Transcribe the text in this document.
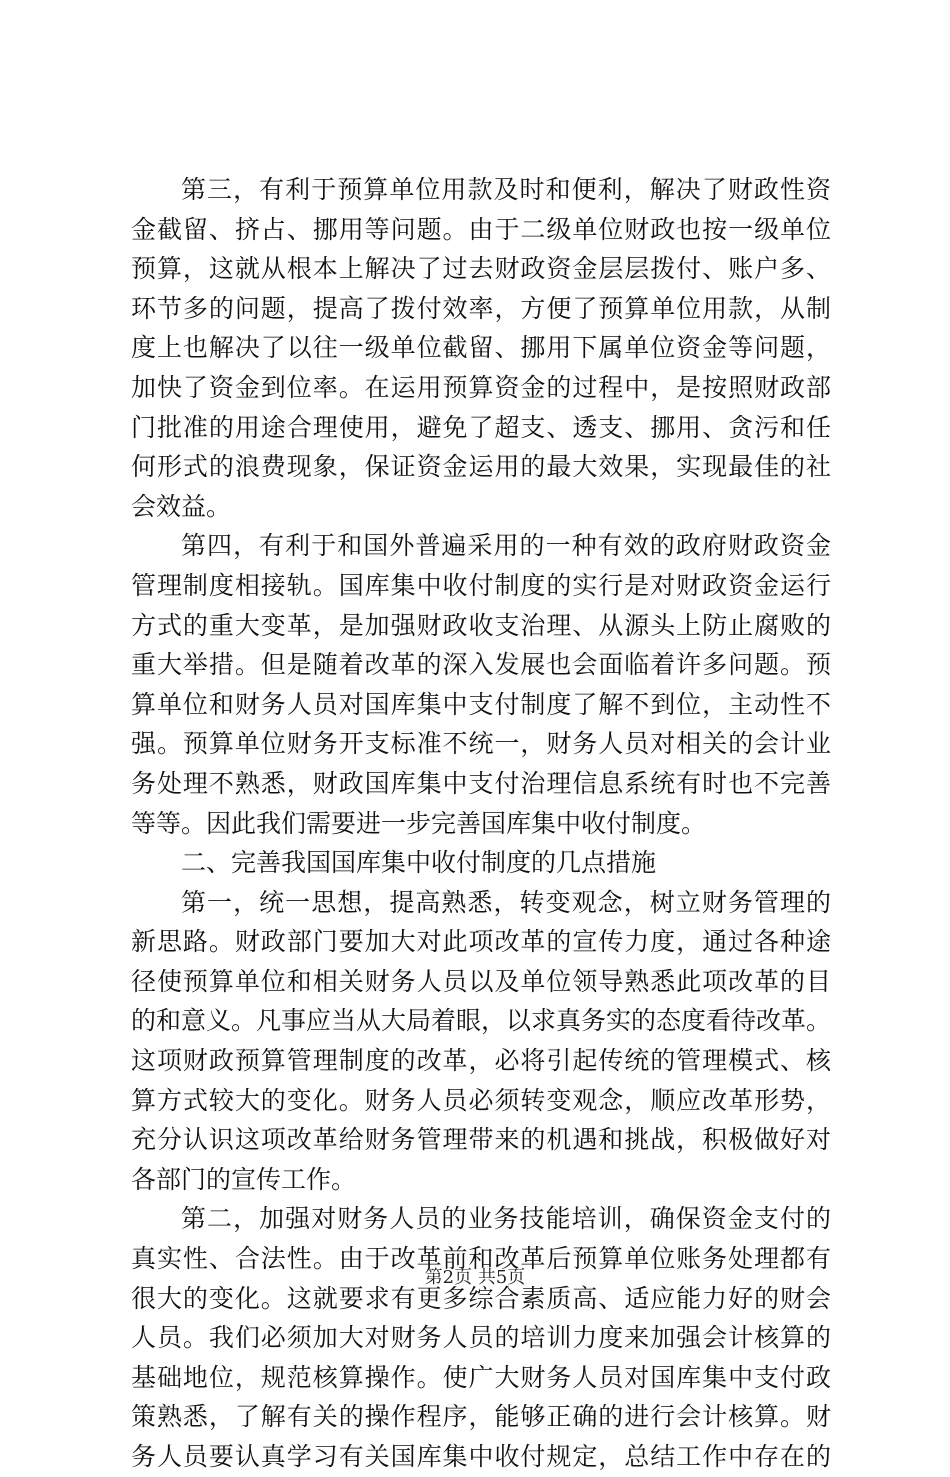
第三，有利于预算单位用款及时和便利，解决了财政性资
金截留、挤占、挪用等问题。由于二级单位财政也按一级单位
预算，这就从根本上解决了过去财政资金层层拨付、账户多、
环节多的问题，提高了拨付效率，方便了预算单位用款，从制
度上也解决了以往一级单位截留、挪用下属单位资金等问题，
加快了资金到位率。在运用预算资金的过程中，是按照财政部
门批准的用途合理使用，避免了超支、透支、挪用、贪污和任
何形式的浪费现象，保证资金运用的最大效果，实现最佳的社
会效益。
第四，有利于和国外普遍采用的一种有效的政府财政资金
管理制度相接轨。国库集中收付制度的实行是对财政资金运行
方式的重大变革，是加强财政收支治理、从源头上防止腐败的
重大举措。但是随着改革的深入发展也会面临着许多问题。预
算单位和财务人员对国库集中支付制度了解不到位，主动性不
强。预算单位财务开支标准不统一，财务人员对相关的会计业
务处理不熟悉，财政国库集中支付治理信息系统有时也不完善
等等。因此我们需要进一步完善国库集中收付制度。
二、完善我国国库集中收付制度的几点措施
第一，统一思想，提高熟悉，转变观念，树立财务管理的
新思路。财政部门要加大对此项改革的宣传力度，通过各种途
径使预算单位和相关财务人员以及单位领导熟悉此项改革的目
的和意义。凡事应当从大局着眼，以求真务实的态度看待改革。
这项财政预算管理制度的改革，必将引起传统的管理模式、核
算方式较大的变化。财务人员必须转变观念，顺应改革形势，
充分认识这项改革给财务管理带来的机遇和挑战，积极做好对
各部门的宣传工作。
第二，加强对财务人员的业务技能培训，确保资金支付的
真实性、合法性。由于改革前和改革后预算单位账务处理都有
很大的变化。这就要求有更多综合素质高、适应能力好的财会
人员。我们必须加大对财务人员的培训力度来加强会计核算的
基础地位，规范核算操作。使广大财务人员对国库集中支付政
策熟悉，了解有关的操作程序，能够正确的进行会计核算。财
务人员要认真学习有关国库集中收付规定，总结工作中存在的
第2页 共5页
